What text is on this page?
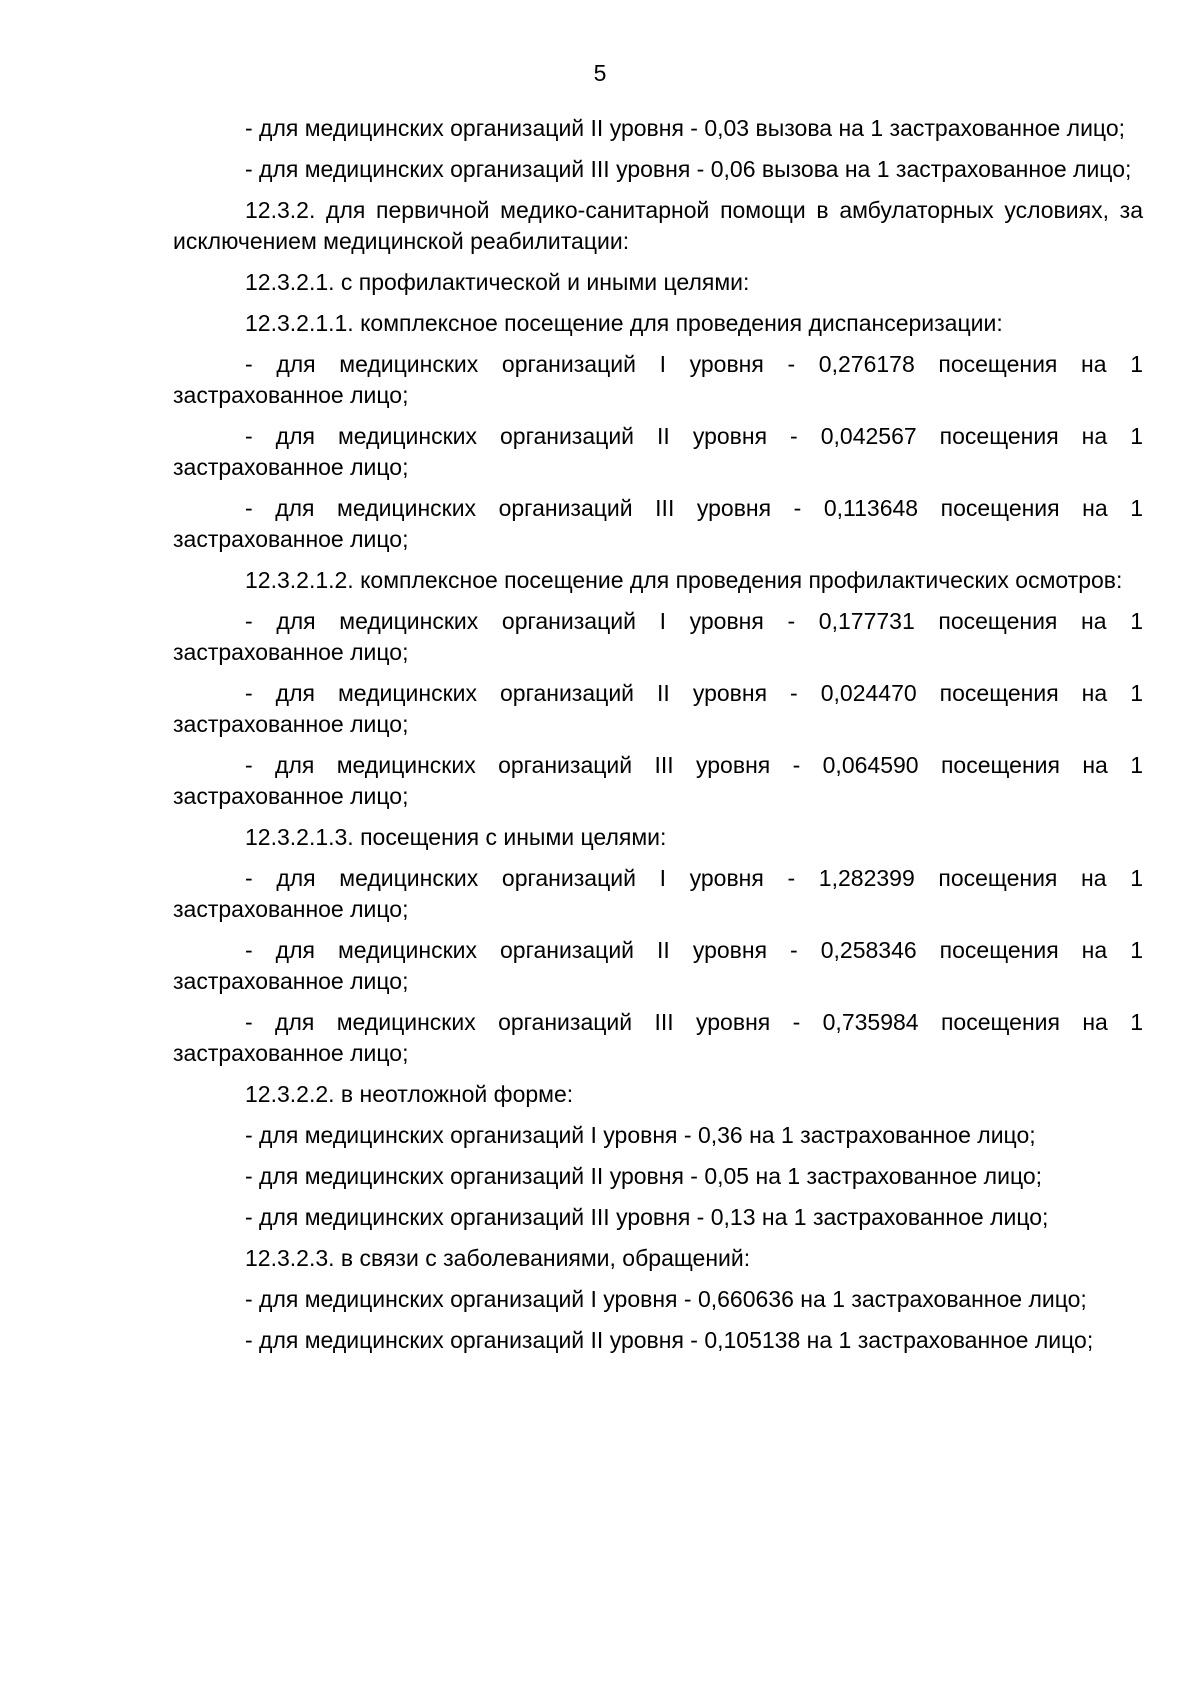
5

- для медицинских организаций II уровня - 0,03 вызова на 1 застрахованное лицо;

- для медицинских организаций III уровня - 0,06 вызова на 1 застрахованное лицо;

12.3.2. для первичной медико-санитарной помощи в амбулаторных условиях, за исключением медицинской реабилитации:

12.3.2.1. с профилактической и иными целями:

12.3.2.1.1. комплексное посещение для проведения диспансеризации:

- для медицинских организаций I уровня - 0,276178 посещения на 1 застрахованное лицо;

- для медицинских организаций II уровня - 0,042567 посещения на 1 застрахованное лицо;

- для медицинских организаций III уровня - 0,113648 посещения на 1 застрахованное лицо;

12.3.2.1.2. комплексное посещение для проведения профилактических осмотров:

- для медицинских организаций I уровня - 0,177731 посещения на 1 застрахованное лицо;

- для медицинских организаций II уровня - 0,024470 посещения на 1 застрахованное лицо;

- для медицинских организаций III уровня - 0,064590 посещения на 1 застрахованное лицо;

12.3.2.1.3. посещения с иными целями:

- для медицинских организаций I уровня - 1,282399 посещения на 1 застрахованное лицо;

- для медицинских организаций II уровня - 0,258346 посещения на 1 застрахованное лицо;

- для медицинских организаций III уровня - 0,735984 посещения на 1 застрахованное лицо;

12.3.2.2. в неотложной форме:

- для медицинских организаций I уровня - 0,36 на 1 застрахованное лицо;

- для медицинских организаций II уровня - 0,05 на 1 застрахованное лицо;

- для медицинских организаций III уровня - 0,13 на 1 застрахованное лицо;

12.3.2.3. в связи с заболеваниями, обращений:

- для медицинских организаций I уровня - 0,660636 на 1 застрахованное лицо;

- для медицинских организаций II уровня - 0,105138 на 1 застрахованное лицо;
